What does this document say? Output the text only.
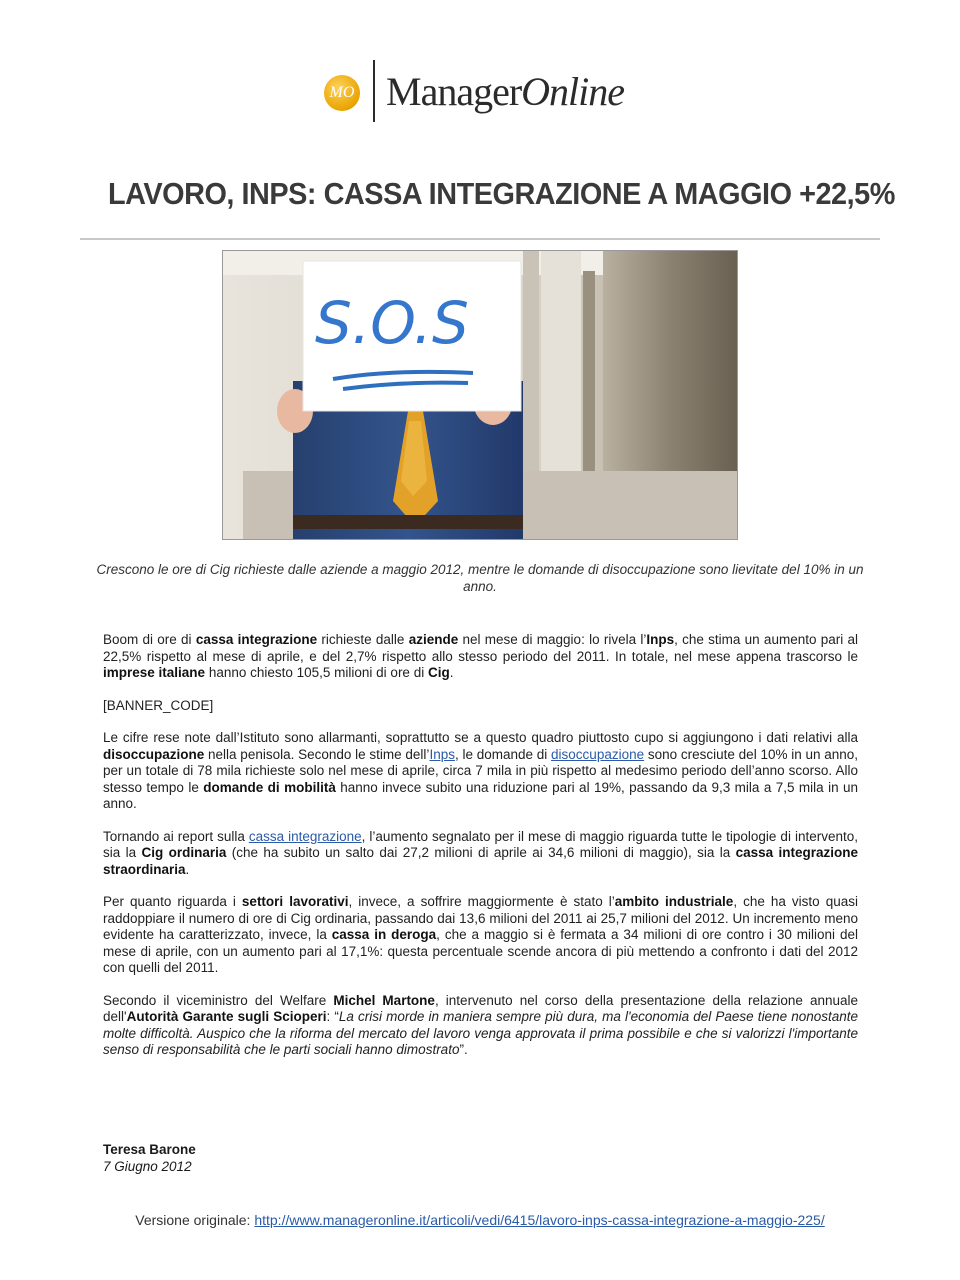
MO ManagerOnline
LAVORO, INPS: CASSA INTEGRAZIONE A MAGGIO +22,5%
S.O.S
Crescono le ore di Cig richieste dalle aziende a maggio 2012, mentre le domande di disoccupazione sono lievitate del 10% in un anno.

Boom di ore di cassa integrazione richieste dalle aziende nel mese di maggio: lo rivela l’Inps, che stima un aumento pari al 22,5% rispetto al mese di aprile, e del 2,7% rispetto allo stesso periodo del 2011. In totale, nel mese appena trascorso le imprese italiane hanno chiesto 105,5 milioni di ore di Cig.

[BANNER_CODE]

Le cifre rese note dall’Istituto sono allarmanti, soprattutto se a questo quadro piuttosto cupo si aggiungono i dati relativi alla disoccupazione nella penisola. Secondo le stime dell’Inps, le domande di disoccupazione sono cresciute del 10% in un anno, per un totale di 78 mila richieste solo nel mese di aprile, circa 7 mila in più rispetto al medesimo periodo dell’anno scorso. Allo stesso tempo le domande di mobilità hanno invece subito una riduzione pari al 19%, passando da 9,3 mila a 7,5 mila in un anno.

Tornando ai report sulla cassa integrazione, l’aumento segnalato per il mese di maggio riguarda tutte le tipologie di intervento, sia la Cig ordinaria (che ha subito un salto dai 27,2 milioni di aprile ai 34,6 milioni di maggio), sia la cassa integrazione straordinaria.

Per quanto riguarda i settori lavorativi, invece, a soffrire maggiormente è stato l’ambito industriale, che ha visto quasi raddoppiare il numero di ore di Cig ordinaria, passando dai 13,6 milioni del 2011 ai 25,7 milioni del 2012. Un incremento meno evidente ha caratterizzato, invece, la cassa in deroga, che a maggio si è fermata a 34 milioni di ore contro i 30 milioni del mese di aprile, con un aumento pari al 17,1%: questa percentuale scende ancora di più mettendo a confronto i dati del 2012 con quelli del 2011.

Secondo il viceministro del Welfare Michel Martone, intervenuto nel corso della presentazione della relazione annuale dell'Autorità Garante sugli Scioperi: “La crisi morde in maniera sempre più dura, ma l'economia del Paese tiene nonostante molte difficoltà. Auspico che la riforma del mercato del lavoro venga approvata il prima possibile e che si valorizzi l'importante senso di responsabilità che le parti sociali hanno dimostrato”.

Teresa Barone
7 Giugno 2012
Versione originale: http://www.manageronline.it/articoli/vedi/6415/lavoro-inps-cassa-integrazione-a-maggio-225/
